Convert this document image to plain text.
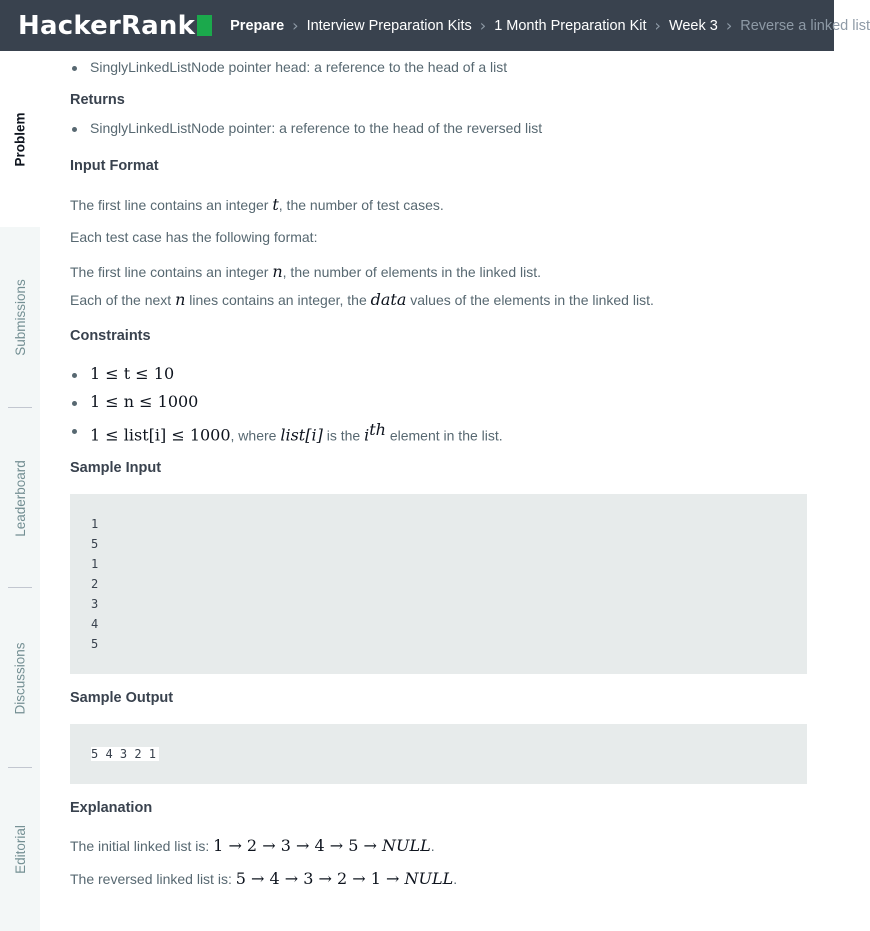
HackerRank Prepare › Interview Preparation Kits › 1 Month Preparation Kit › Week 3 › Reverse a linked list
Problem
Submissions
Leaderboard
Discussions
Editorial
SinglyLinkedListNode pointer head: a reference to the head of a list
Returns
SinglyLinkedListNode pointer: a reference to the head of the reversed list
Input Format
The first line contains an integer t, the number of test cases.
Each test case has the following format:
The first line contains an integer n, the number of elements in the linked list.
Each of the next n lines contains an integer, the data values of the elements in the linked list.
Constraints
1 ≤ t ≤ 10
1 ≤ n ≤ 1000
1 ≤ list[i] ≤ 1000, where list[i] is the $i^{th}$ element in the list.
Sample Input
1
5
1
2
3
4
5
Sample Output
5 4 3 2 1
Explanation
The initial linked list is: 1 → 2 → 3 → 4 → 5 → NULL.
The reversed linked list is: 5 → 4 → 3 → 2 → 1 → NULL.
